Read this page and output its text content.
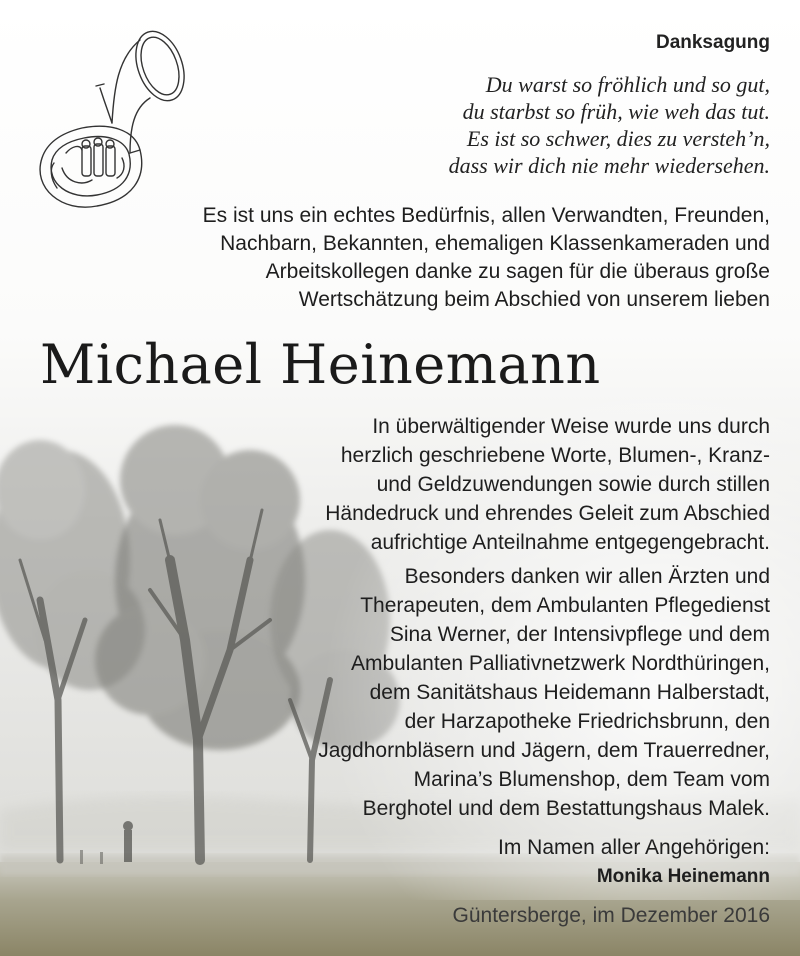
Danksagung
Du warst so fröhlich und so gut,
du starbst so früh, wie weh das tut.
Es ist so schwer, dies zu versteh’n,
dass wir dich nie mehr wiedersehen.
Es ist uns ein echtes Bedürfnis, allen Verwandten, Freunden,
Nachbarn, Bekannten, ehemaligen Klassenkameraden und
Arbeitskollegen danke zu sagen für die überaus große
Wertschätzung beim Abschied von unserem lieben
Michael Heinemann
In überwältigender Weise wurde uns durch
herzlich geschriebene Worte, Blumen-, Kranz-
und Geldzuwendungen sowie durch stillen
Händedruck und ehrendes Geleit zum Abschied
aufrichtige Anteilnahme entgegengebracht.
Besonders danken wir allen Ärzten und
Therapeuten, dem Ambulanten Pflegedienst
Sina Werner, der Intensivpflege und dem
Ambulanten Palliativnetzwerk Nordthüringen,
dem Sanitätshaus Heidemann Halberstadt,
der Harzapotheke Friedrichsbrunn, den
Jagdhornbläsern und Jägern, dem Trauerredner,
Marina’s Blumenshop, dem Team vom
Berghotel und dem Bestattungshaus Malek.
Im Namen aller Angehörigen:
Monika Heinemann
Güntersberge, im Dezember 2016
